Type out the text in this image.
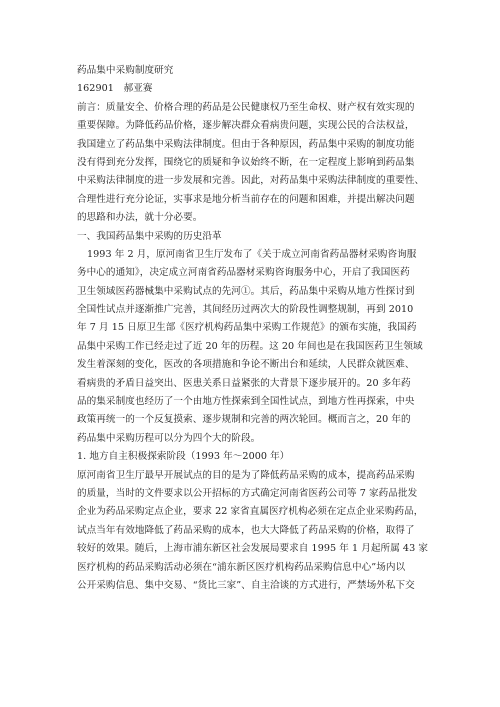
药品集中采购制度研究
162901　郝亚赛
前言：质量安全、价格合理的药品是公民健康权乃至生命权、财产权有效实现的
重要保障。为降低药品价格，逐步解决群众看病贵问题，实现公民的合法权益，
我国建立了药品集中采购法律制度。但由于各种原因，药品集中采购的制度功能
没有得到充分发挥，围绕它的质疑和争议始终不断，在一定程度上影响到药品集
中采购法律制度的进一步发展和完善。因此，对药品集中采购法律制度的重要性、
合理性进行充分论证，实事求是地分析当前存在的问题和困难，并提出解决问题
的思路和办法，就十分必要。
一、我国药品集中采购的历史沿革
1993 年 2 月，原河南省卫生厅发布了《关于成立河南省药品器材采购咨询服
务中心的通知》，决定成立河南省药品器材采购咨询服务中心，开启了我国医药
卫生领域医药器械集中采购试点的先河①。其后，药品集中采购从地方性探讨到
全国性试点并逐渐推广完善，其间经历过两次大的阶段性调整规制，再到 2010
年 7 月 15 日原卫生部《医疗机构药品集中采购工作规范》的颁布实施，我国药
品集中采购工作已经走过了近 20 年的历程。这 20 年间也是在我国医药卫生领域
发生着深刻的变化，医改的各项措施和争论不断出台和延续，人民群众就医难、
看病贵的矛盾日益突出、医患关系日益紧张的大背景下逐步展开的。20 多年药
品的集采制度也经历了一个由地方性探索到全国性试点，到地方性再探索，中央
政策再统一的一个反复摸索、逐步规制和完善的两次轮回。概而言之，20 年的
药品集中采购历程可以分为四个大的阶段。
1. 地方自主积极探索阶段（1993 年～2000 年）
原河南省卫生厅最早开展试点的目的是为了降低药品采购的成本，提高药品采购
的质量，当时的文件要求以公开招标的方式确定河南省医药公司等 7 家药品批发
企业为药品采购定点企业，要求 22 家省直属医疗机构必须在定点企业采购药品，
试点当年有效地降低了药品采购的成本，也大大降低了药品采购的价格，取得了
较好的效果。随后，上海市浦东新区社会发展局要求自 1995 年 1 月起所属 43 家
医疗机构的药品采购活动必须在“浦东新区医疗机构药品采购信息中心”场内以
公开采购信息、集中交易、“货比三家”、自主洽谈的方式进行，严禁场外私下交
